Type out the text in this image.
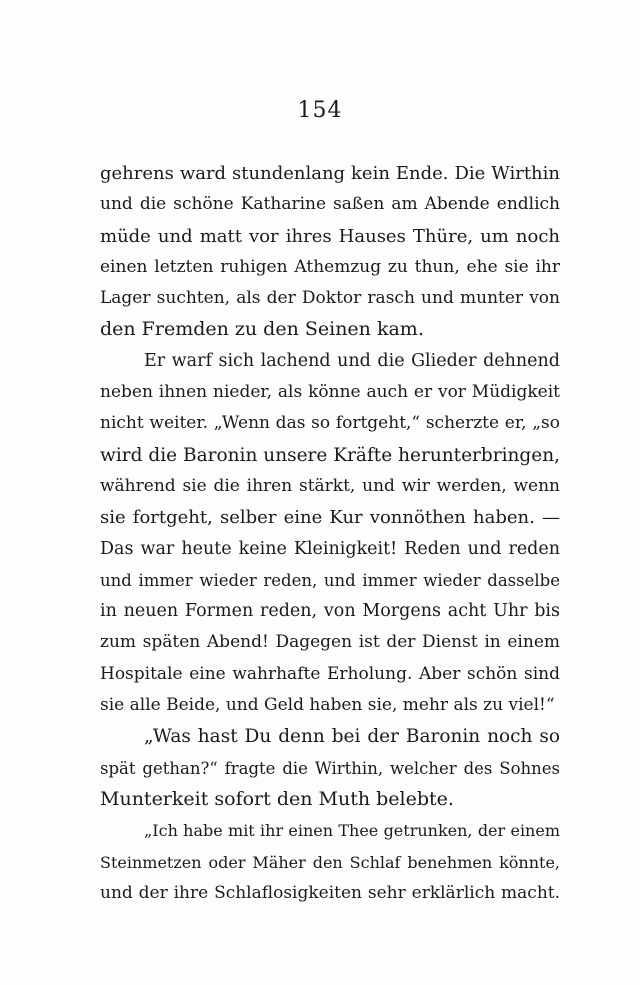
154
gehrens ward stundenlang kein Ende. Die Wirthin
und die schöne Katharine saßen am Abende endlich
müde und matt vor ihres Hauses Thüre, um noch
einen letzten ruhigen Athemzug zu thun, ehe sie ihr
Lager suchten, als der Doktor rasch und munter von
den Fremden zu den Seinen kam.
Er warf sich lachend und die Glieder dehnend
neben ihnen nieder, als könne auch er vor Müdigkeit
nicht weiter. „Wenn das so fortgeht,“ scherzte er, „so
wird die Baronin unsere Kräfte herunterbringen,
während sie die ihren stärkt, und wir werden, wenn
sie fortgeht, selber eine Kur vonnöthen haben. —
Das war heute keine Kleinigkeit! Reden und reden
und immer wieder reden, und immer wieder dasselbe
in neuen Formen reden, von Morgens acht Uhr bis
zum späten Abend! Dagegen ist der Dienst in einem
Hospitale eine wahrhafte Erholung. Aber schön sind
sie alle Beide, und Geld haben sie, mehr als zu viel!“
„Was hast Du denn bei der Baronin noch so
spät gethan?“ fragte die Wirthin, welcher des Sohnes
Munterkeit sofort den Muth belebte.
„Ich habe mit ihr einen Thee getrunken, der einem
Steinmetzen oder Mäher den Schlaf benehmen könnte,
und der ihre Schlaflosigkeiten sehr erklärlich macht.
